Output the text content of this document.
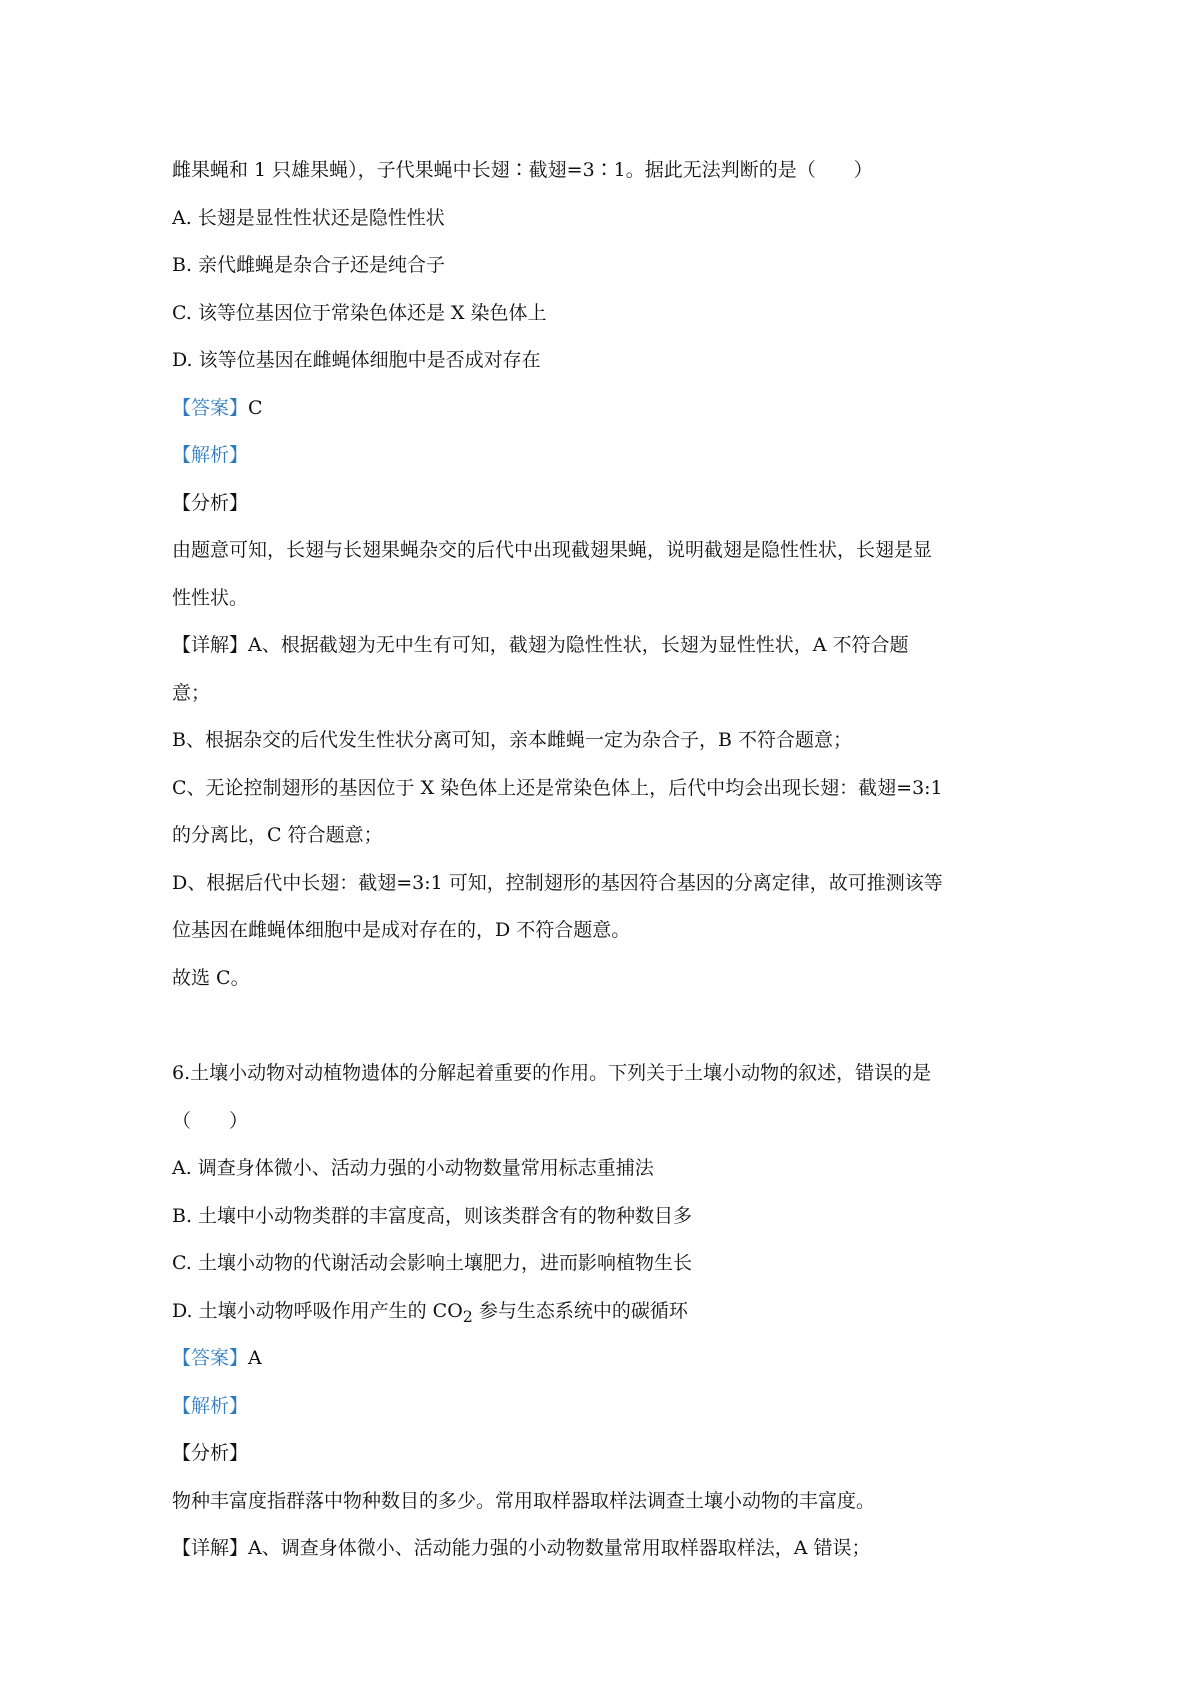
雌果蝇和 1 只雄果蝇），子代果蝇中长翅∶截翅=3∶1。据此无法判断的是（　　）
A. 长翅是显性性状还是隐性性状
B. 亲代雌蝇是杂合子还是纯合子
C. 该等位基因位于常染色体还是 X 染色体上
D. 该等位基因在雌蝇体细胞中是否成对存在
【答案】C
【解析】
【分析】
由题意可知，长翅与长翅果蝇杂交的后代中出现截翅果蝇，说明截翅是隐性性状，长翅是显
性性状。
【详解】A、根据截翅为无中生有可知，截翅为隐性性状，长翅为显性性状，A 不符合题
意；
B、根据杂交的后代发生性状分离可知，亲本雌蝇一定为杂合子，B 不符合题意；
C、无论控制翅形的基因位于 X 染色体上还是常染色体上，后代中均会出现长翅：截翅=3:1
的分离比，C 符合题意；
D、根据后代中长翅：截翅=3:1 可知，控制翅形的基因符合基因的分离定律，故可推测该等
位基因在雌蝇体细胞中是成对存在的，D 不符合题意。
故选 C。
6.土壤小动物对动植物遗体的分解起着重要的作用。下列关于土壤小动物的叙述，错误的是
（　　）
A. 调查身体微小、活动力强的小动物数量常用标志重捕法
B. 土壤中小动物类群的丰富度高，则该类群含有的物种数目多
C. 土壤小动物的代谢活动会影响土壤肥力，进而影响植物生长
D. 土壤小动物呼吸作用产生的 $CO_2$ 参与生态系统中的碳循环
【答案】A
【解析】
【分析】
物种丰富度指群落中物种数目的多少。常用取样器取样法调查土壤小动物的丰富度。
【详解】A、调查身体微小、活动能力强的小动物数量常用取样器取样法，A 错误；
